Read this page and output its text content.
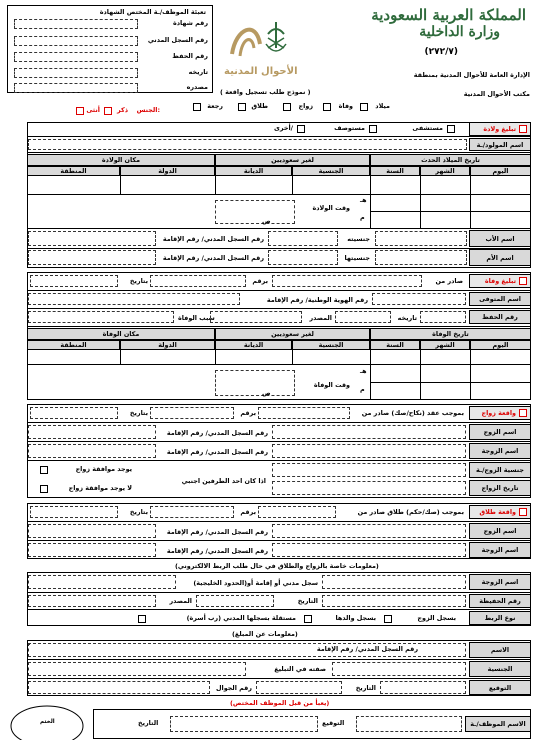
المملكة العربية السعودية
وزارة الداخلية
(٢٧٢/٧)
الإدارة العامة للأحوال المدنية بمنطقة
مكتب الأحوال المدنية
الأحوال المدنية
( نموذج طلب تسجيل واقعة )
تعبئة الموظف/ـة المختص الشهادة
الجنس:
ذكر
أنثى
تبليغ ولادة
مستشفى
مستوصف
أخرى/
اسم المولود/ـة
(معلومات خاصة بالزواج والطلاق في حال طلب الربط الالكتروني)
(معلومات عن المبلغ)
(يعبأ من قبل الموظف المختص)
الاسم الموظف/ـة
التوقيع
التاريخ
الختم
رقم شهادة
رقم السجل المدني
رقم الحفظ
تاريخه
مصدره
ميلاد
وفاة
زواج
طلاق
رجعة
تاريخ الميلاد الحدث
لغير سعوديين
مكان الولادة
اليوم
الشهر
السنة
الجنسية
الديانة
الدولة
المنطقة
هـ
م
وقت الولادة
ص
اسم الأب
جنسيته
رقم السجل المدني/ رقم الإقامة
اسم الأم
جنسيتها
رقم السجل المدني/ رقم الإقامة
تبليغ وفاة
صادر من
برقم
بتاريخ
اسم المتوفى
رقم الهوية الوطنية/ رقم الإقامة
رقم الحفظ
تاريخه
المصدر
سبب الوفاة
تاريخ الوفاة
لغير سعوديين
مكان الوفاة
اليوم
الشهر
السنة
الجنسية
الديانة
الدولة
المنطقة
هـ
م
وقت الوفاة
ص
واقعة زواج
بموجب عقد (نكاح/صك) صادر من
برقم
بتاريخ
اسم الزوج
رقم السجل المدني/ رقم الإقامة
اسم الزوجة
رقم السجل المدني/ رقم الإقامة
جنسية الزوج/ـة
تاريخ الزواج
اذا كان احد الطرفين اجنبي
يوجد موافقة زواج
لا يوجد موافقة زواج
واقعة طلاق
بموجب (صك/حكم) طلاق صادر من
برقم
بتاريخ
اسم الزوج
رقم السجل المدني/ رقم الإقامة
اسم الزوجة
رقم السجل المدني/ رقم الإقامة
اسم الزوجة
سجل مدني أو إقامة أو(الحدود الخليجية)
رقم الحفيظة
التاريخ
المصدر
نوع الربط
بسجل الزوج
بسجل والدها
مستقلة بسجلها المدني (رب أسرة)
الاسم
رقم السجل المدني/ رقم الإقامة
الجنسية
صفته في التبليغ
التوقيع
التاريخ
رقم الجوال
